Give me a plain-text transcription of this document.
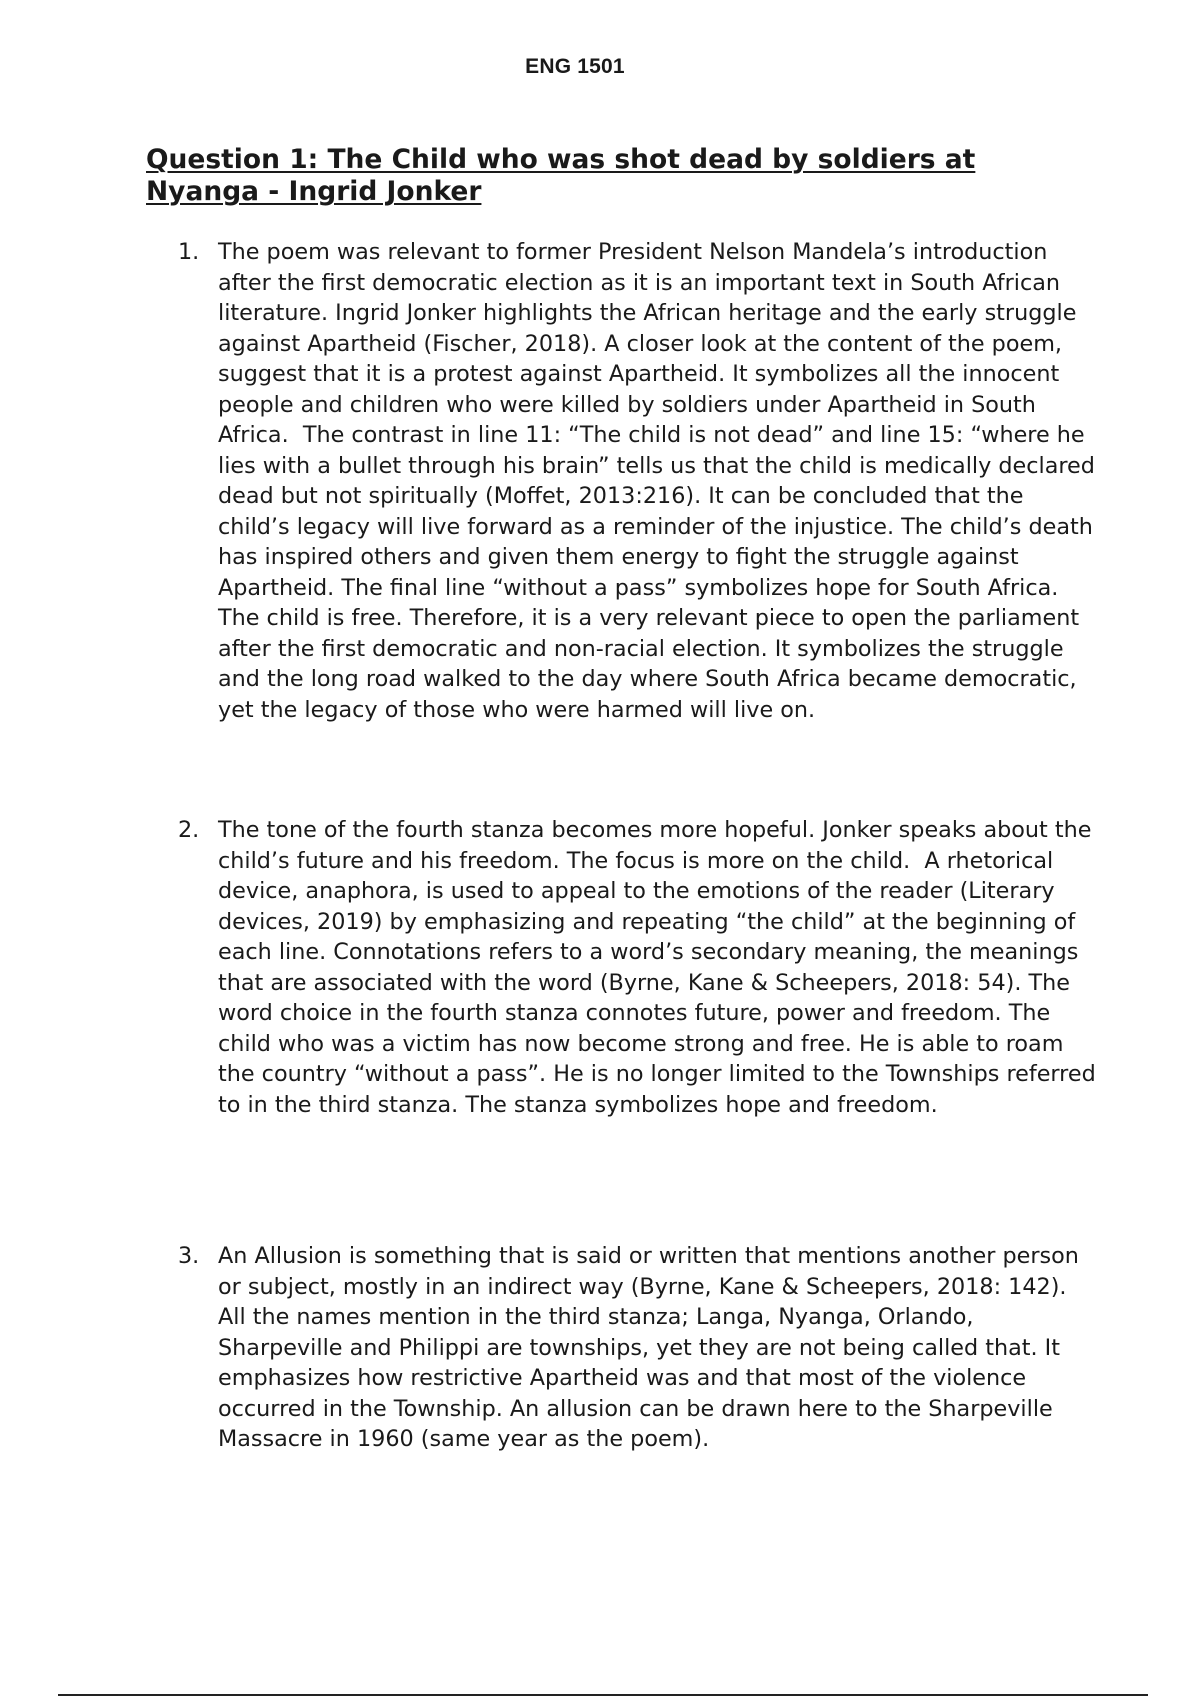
ENG 1501
Question 1: The Child who was shot dead by soldiers at Nyanga - Ingrid Jonker
1. The poem was relevant to former President Nelson Mandela’s introduction after the first democratic election as it is an important text in South African literature. Ingrid Jonker highlights the African heritage and the early struggle against Apartheid (Fischer, 2018). A closer look at the content of the poem, suggest that it is a protest against Apartheid. It symbolizes all the innocent people and children who were killed by soldiers under Apartheid in South Africa.  The contrast in line 11: “The child is not dead” and line 15: “where he lies with a bullet through his brain” tells us that the child is medically declared dead but not spiritually (Moffet, 2013:216). It can be concluded that the child’s legacy will live forward as a reminder of the injustice. The child’s death has inspired others and given them energy to fight the struggle against Apartheid. The final line “without a pass” symbolizes hope for South Africa. The child is free. Therefore, it is a very relevant piece to open the parliament after the first democratic and non-racial election. It symbolizes the struggle and the long road walked to the day where South Africa became democratic, yet the legacy of those who were harmed will live on.
2. The tone of the fourth stanza becomes more hopeful. Jonker speaks about the child’s future and his freedom. The focus is more on the child.  A rhetorical device, anaphora, is used to appeal to the emotions of the reader (Literary devices, 2019) by emphasizing and repeating “the child” at the beginning of each line. Connotations refers to a word’s secondary meaning, the meanings that are associated with the word (Byrne, Kane & Scheepers, 2018: 54). The word choice in the fourth stanza connotes future, power and freedom. The child who was a victim has now become strong and free. He is able to roam the country “without a pass”. He is no longer limited to the Townships referred to in the third stanza. The stanza symbolizes hope and freedom.
3. An Allusion is something that is said or written that mentions another person or subject, mostly in an indirect way (Byrne, Kane & Scheepers, 2018: 142). All the names mention in the third stanza; Langa, Nyanga, Orlando, Sharpeville and Philippi are townships, yet they are not being called that. It emphasizes how restrictive Apartheid was and that most of the violence occurred in the Township. An allusion can be drawn here to the Sharpeville Massacre in 1960 (same year as the poem).
